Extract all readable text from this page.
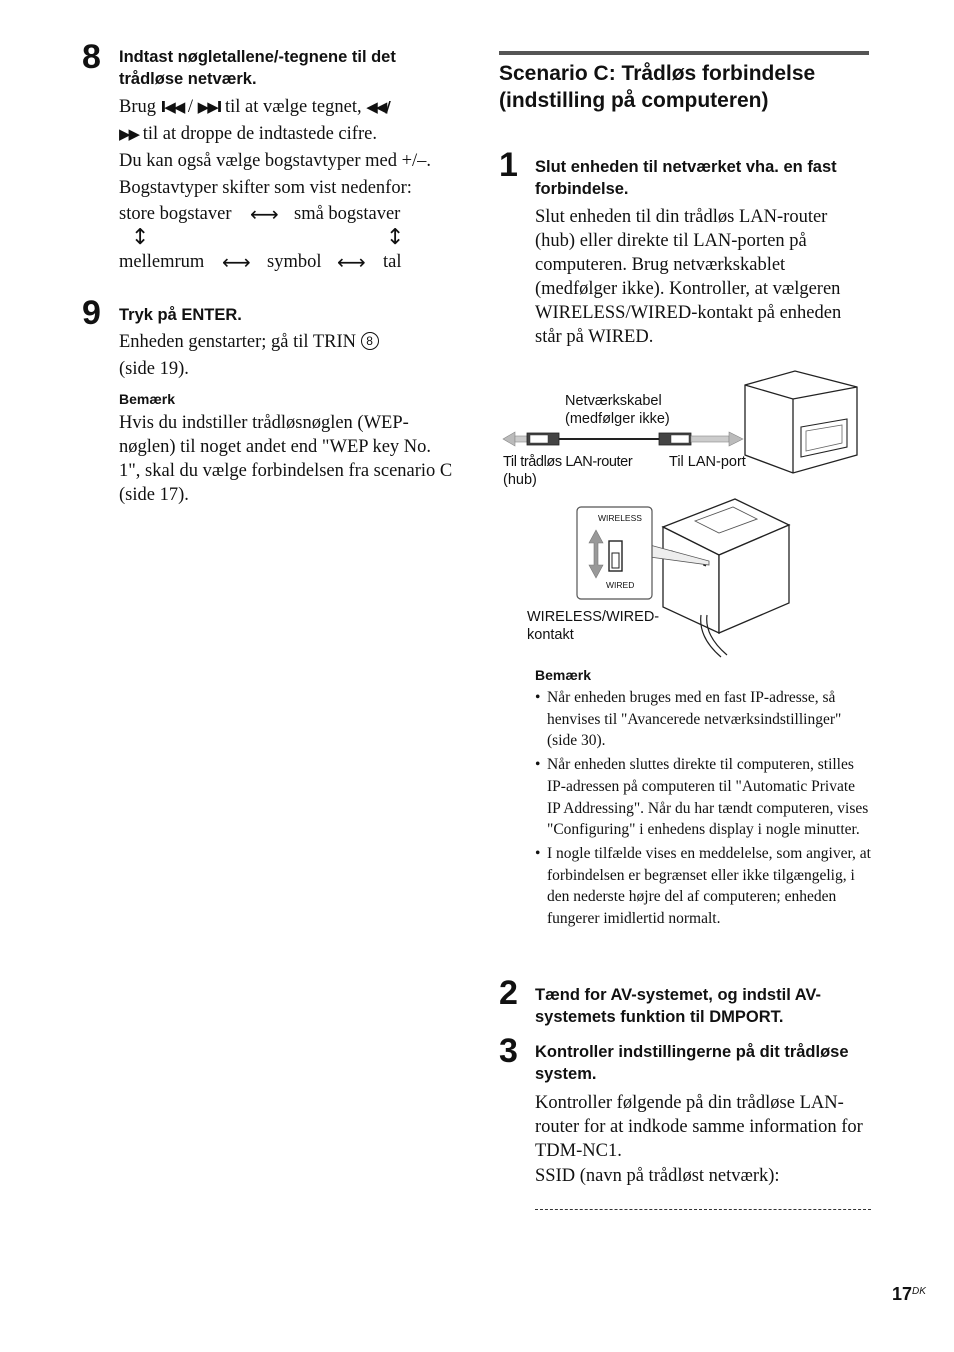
8 Indtast nøgletallene/-tegnene til det trådløse netværk.

Brug I◀◀ / ▶▶I til at vælge tegnet, ◀◀/

▶▶ til at droppe de indtastede cifre.

Du kan også vælge bogstavtyper med +/–.

Bogstavtyper skifter som vist nedenfor:

store bogstaver ⟷ små bogstaver
↕	↕
mellemrum ⟷ symbol ⟷ tal
9 Tryk på ENTER.

Enheden genstarter; gå til TRIN 8

(side 19).

Bemærk
Hvis du indstiller trådløsnøglen (WEP-nøglen) til noget andet end "WEP key No. 1", skal du vælge forbindelsen fra scenario C (side 17).
Scenario C: Trådløs forbindelse (indstilling på computeren)
1 Slut enheden til netværket vha. en fast forbindelse.
Slut enheden til din trådløs LAN-router (hub) eller direkte til LAN-porten på computeren. Brug netværkskablet (medfølger ikke). Kontroller, at vælgeren WIRELESS/WIRED-kontakt på enheden står på WIRED.
Netværkskabel
(medfølger ikke)
Til trådløs LAN-router
(hub)
Til LAN-port
WIRELESS
WIRED
WIRELESS/WIRED-
kontakt
Bemærk
• Når enheden bruges med en fast IP-adresse, så henvises til "Avancerede netværksindstillinger" (side 30).
• Når enheden sluttes direkte til computeren, stilles IP-adressen på computeren til "Automatic Private IP Addressing". Når du har tændt computeren, vises "Configuring" i enhedens display i nogle minutter.
• I nogle tilfælde vises en meddelelse, som angiver, at forbindelsen er begrænset eller ikke tilgængelig, i den nederste højre del af computeren; enheden fungerer imidlertid normalt.
2 Tænd for AV-systemet, og indstil AV-systemets funktion til DMPORT.
3 Kontroller indstillingerne på dit trådløse system.
Kontroller følgende på din trådløse LAN-router for at indkode samme information for TDM-NC1.
SSID (navn på trådløst netværk):
$17^{DK}$
